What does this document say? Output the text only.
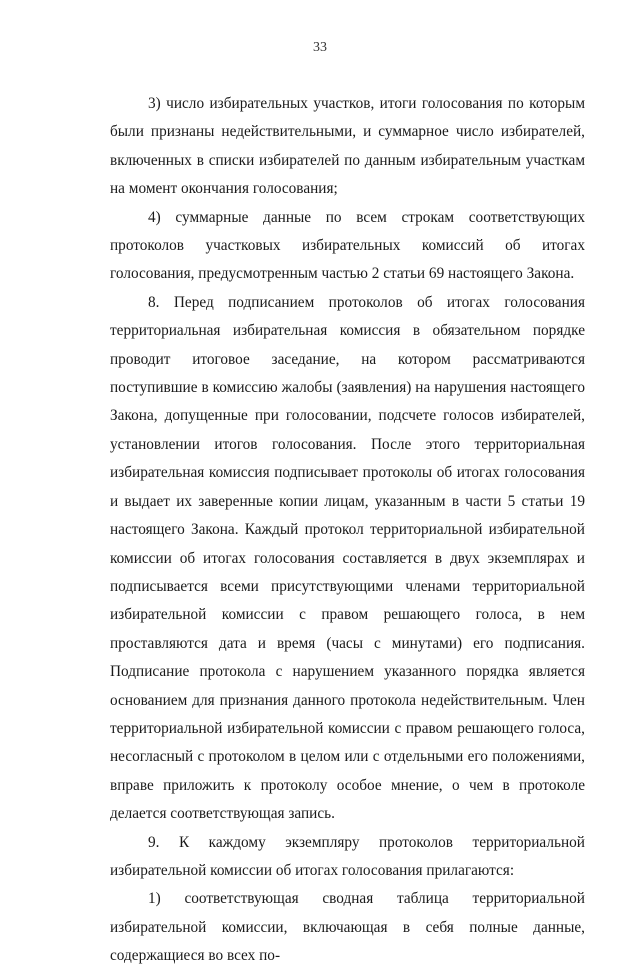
33

3) число избирательных участков, итоги голосования по которым были признаны недействительными, и суммарное число избирателей, включенных в списки избирателей по данным избирательным участкам на момент окончания голосования;

4) суммарные данные по всем строкам соответствующих протоколов участковых избирательных комиссий об итогах голосования, предусмотренным частью 2 статьи 69 настоящего Закона.

8. Перед подписанием протоколов об итогах голосования территориальная избирательная комиссия в обязательном порядке проводит итоговое заседание, на котором рассматриваются поступившие в комиссию жалобы (заявления) на нарушения настоящего Закона, допущенные при голосовании, подсчете голосов избирателей, установлении итогов голосования. После этого территориальная избирательная комиссия подписывает протоколы об итогах голосования и выдает их заверенные копии лицам, указанным в части 5 статьи 19 настоящего Закона. Каждый протокол территориальной избирательной комиссии об итогах голосования составляется в двух экземплярах и подписывается всеми присутствующими членами территориальной избирательной комиссии с правом решающего голоса, в нем проставляются дата и время (часы с минутами) его подписания. Подписание протокола с нарушением указанного порядка является основанием для признания данного протокола недействительным. Член территориальной избирательной комиссии с правом решающего голоса, несогласный с протоколом в целом или с отдельными его положениями, вправе приложить к протоколу особое мнение, о чем в протоколе делается соответствующая запись.

9. К каждому экземпляру протоколов территориальной избирательной комиссии об итогах голосования прилагаются:

1) соответствующая сводная таблица территориальной избирательной комиссии, включающая в себя полные данные, содержащиеся во всех по-
